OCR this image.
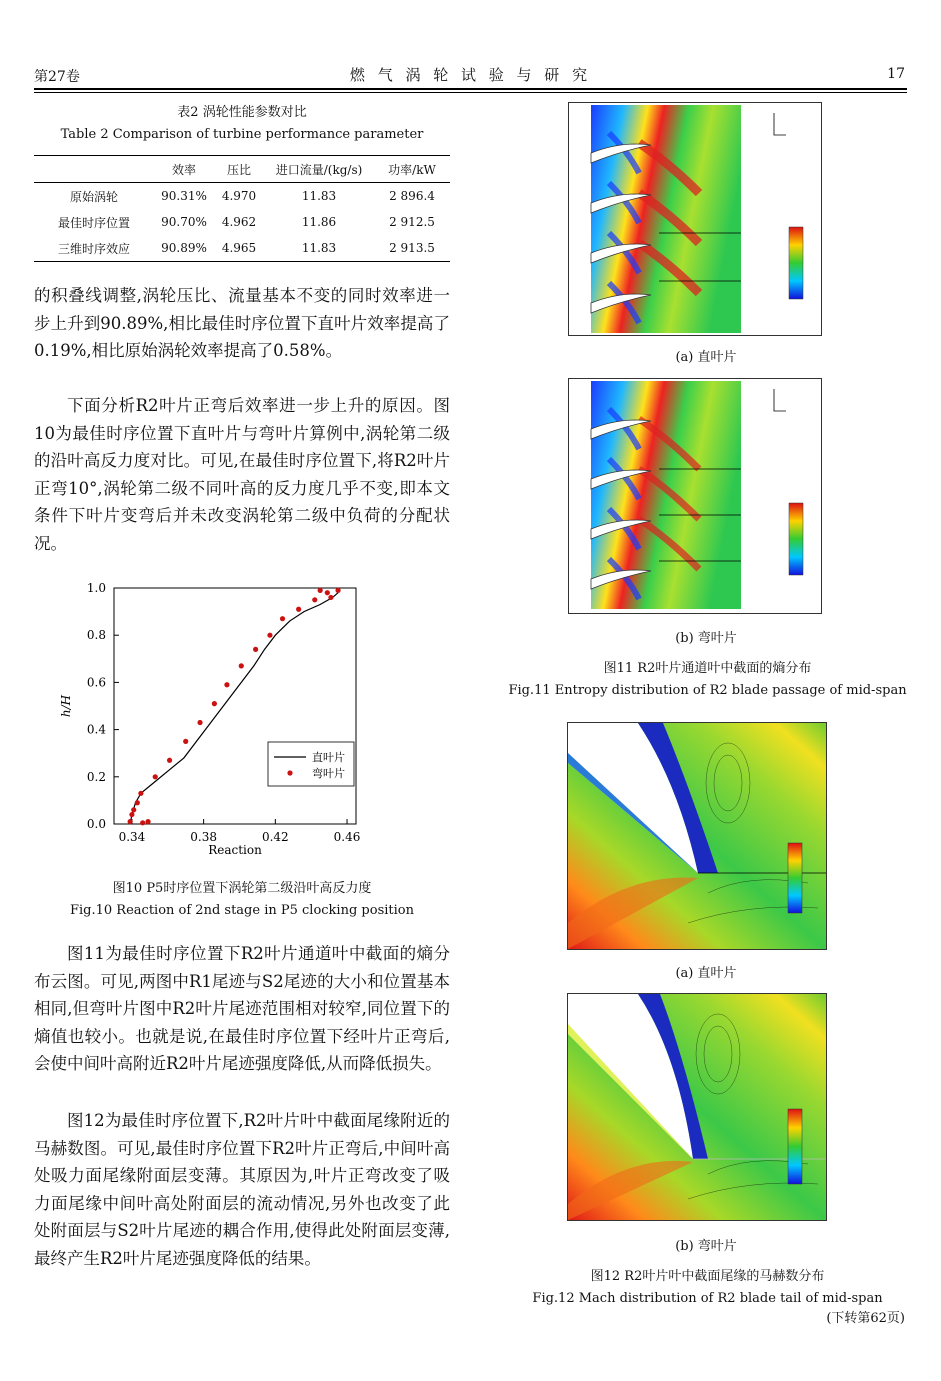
第27卷	燃 气 涡 轮 试 验 与 研 究	17
表2 涡轮性能参数对比
Table 2 Comparison of turbine performance parameter
	效率	压比	进口流量/(kg/s)	功率/kW
原始涡轮	90.31%	4.970	11.83	2 896.4
最佳时序位置	90.70%	4.962	11.86	2 912.5
三维时序效应	90.89%	4.965	11.83	2 913.5
的积叠线调整,涡轮压比、流量基本不变的同时效率进一步上升到90.89%,相比最佳时序位置下直叶片效率提高了0.19%,相比原始涡轮效率提高了0.58%。
下面分析R2叶片正弯后效率进一步上升的原因。图10为最佳时序位置下直叶片与弯叶片算例中,涡轮第二级的沿叶高反力度对比。可见,在最佳时序位置下,将R2叶片正弯10°,涡轮第二级不同叶高的反力度几乎不变,即本文条件下叶片变弯后并未改变涡轮第二级中负荷的分配状况。
图11为最佳时序位置下R2叶片通道叶中截面的熵分布云图。可见,两图中R1尾迹与S2尾迹的大小和位置基本相同,但弯叶片图中R2叶片尾迹范围相对较窄,同位置下的熵值也较小。也就是说,在最佳时序位置下经叶片正弯后,会使中间叶高附近R2叶片尾迹强度降低,从而降低损失。
图12为最佳时序位置下,R2叶片叶中截面尾缘附近的马赫数图。可见,最佳时序位置下R2叶片正弯后,中间叶高处吸力面尾缘附面层变薄。其原因为,叶片正弯改变了吸力面尾缘中间叶高处附面层的流动情况,另外也改变了此处附面层与S2叶片尾迹的耦合作用,使得此处附面层变薄,最终产生R2叶片尾迹强度降低的结果。
0.34	0.38	0.42	0.46
0.0
0.2
0.4
0.6
0.8
1.0
Reaction
h/H
直叶片
弯叶片
图10 P5时序位置下涡轮第二级沿叶高反力度
Fig.10 Reaction of 2nd stage in P5 clocking position
(a) 直叶片
(b) 弯叶片
图11 R2叶片通道叶中截面的熵分布
Fig.11 Entropy distribution of R2 blade passage of mid-span
(a) 直叶片
(b) 弯叶片
图12 R2叶片叶中截面尾缘的马赫数分布
Fig.12 Mach distribution of R2 blade tail of mid-span
(下转第62页)
